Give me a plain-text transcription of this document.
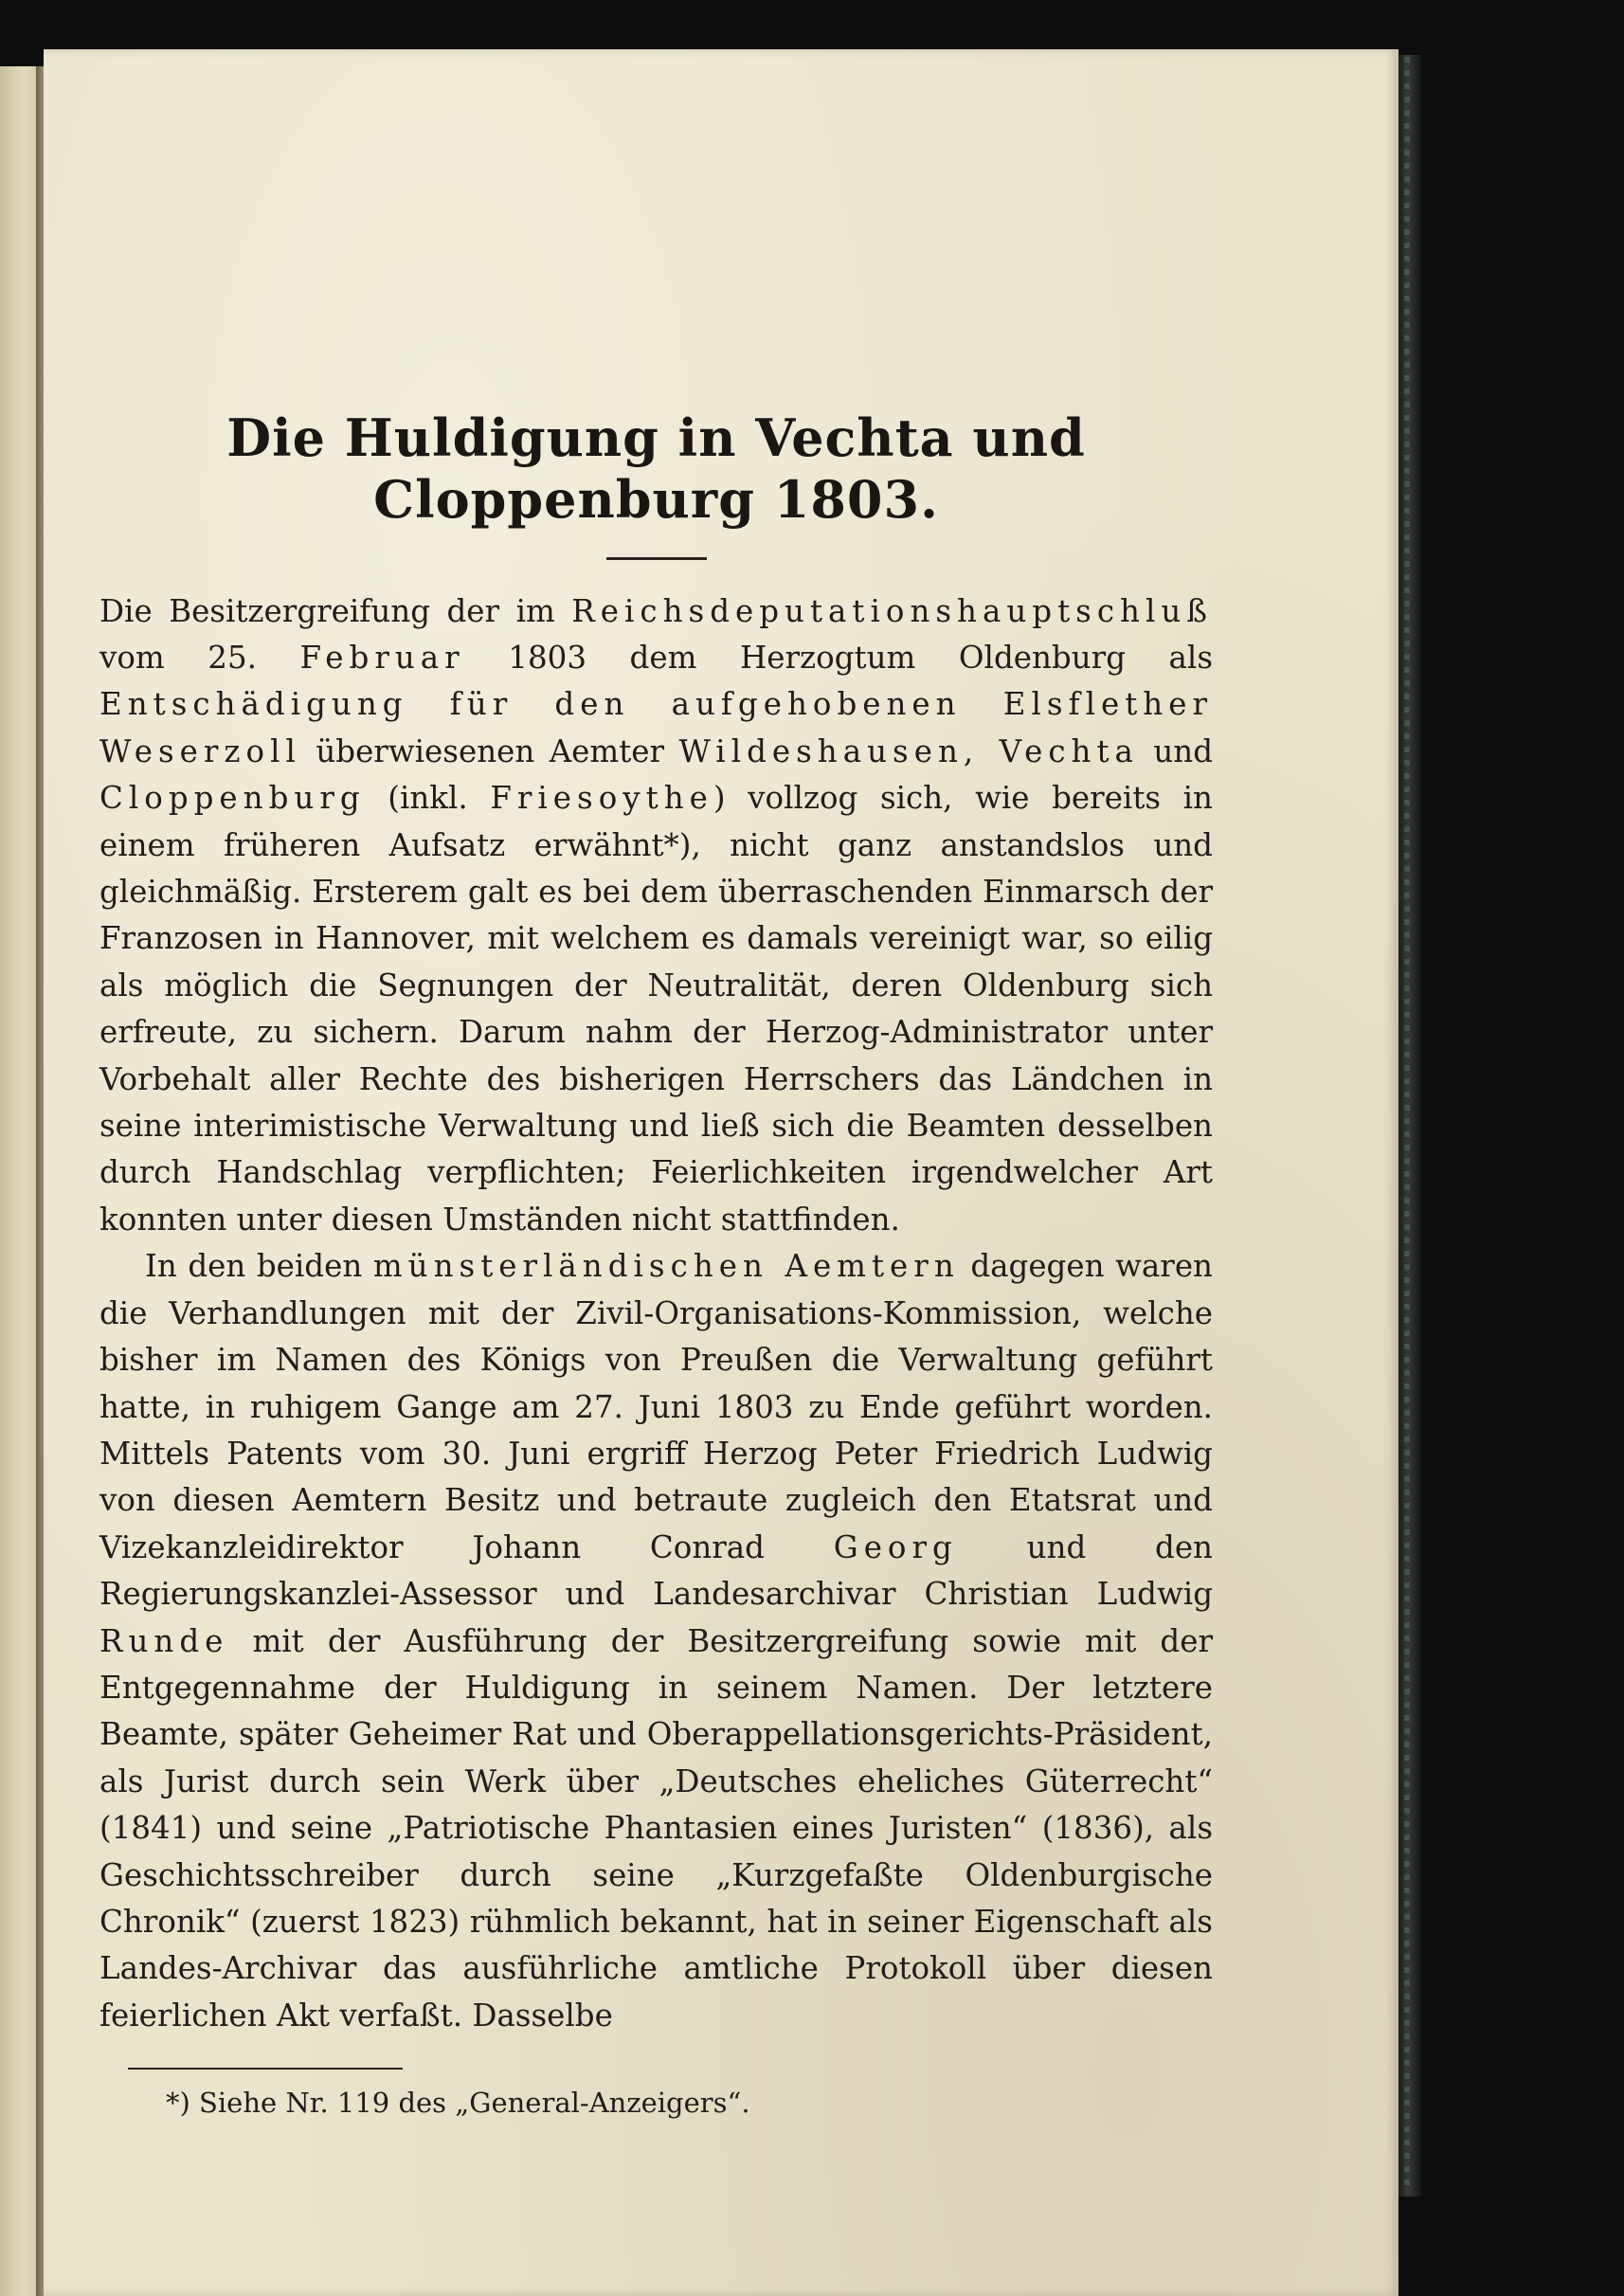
Die Huldigung in Vechta und Cloppenburg 1803.

Die Besitzergreifung der im Reichsdeputationshauptschluß vom 25. Februar 1803 dem Herzogtum Oldenburg als Entschädigung für den aufgehobenen Elsflether Weserzoll überwiesenen Aemter Wildeshausen, Vechta und Cloppenburg (inkl. Friesoythe) vollzog sich, wie bereits in einem früheren Aufsatz erwähnt*), nicht ganz anstandslos und gleichmäßig. Ersterem galt es bei dem überraschenden Einmarsch der Franzosen in Hannover, mit welchem es damals vereinigt war, so eilig als möglich die Segnungen der Neutralität, deren Oldenburg sich erfreute, zu sichern. Darum nahm der Herzog-Administrator unter Vorbehalt aller Rechte des bisherigen Herrschers das Ländchen in seine interimistische Verwaltung und ließ sich die Beamten desselben durch Handschlag verpflichten; Feierlichkeiten irgendwelcher Art konnten unter diesen Umständen nicht stattfinden.

In den beiden münsterländischen Aemtern dagegen waren die Verhandlungen mit der Zivil-Organisations-Kommission, welche bisher im Namen des Königs von Preußen die Verwaltung geführt hatte, in ruhigem Gange am 27. Juni 1803 zu Ende geführt worden. Mittels Patents vom 30. Juni ergriff Herzog Peter Friedrich Ludwig von diesen Aemtern Besitz und betraute zugleich den Etatsrat und Vizekanzleidirektor Johann Conrad Georg und den Regierungskanzlei-Assessor und Landesarchivar Christian Ludwig Runde mit der Ausführung der Besitzergreifung sowie mit der Entgegennahme der Huldigung in seinem Namen. Der letztere Beamte, später Geheimer Rat und Oberappellationsgerichts-Präsident, als Jurist durch sein Werk über „Deutsches eheliches Güterrecht“ (1841) und seine „Patriotische Phantasien eines Juristen“ (1836), als Geschichtsschreiber durch seine „Kurzgefaßte Oldenburgische Chronik“ (zuerst 1823) rühmlich bekannt, hat in seiner Eigenschaft als Landes-Archivar das ausführliche amtliche Protokoll über diesen feierlichen Akt verfaßt. Dasselbe

*) Siehe Nr. 119 des „General-Anzeigers“.
